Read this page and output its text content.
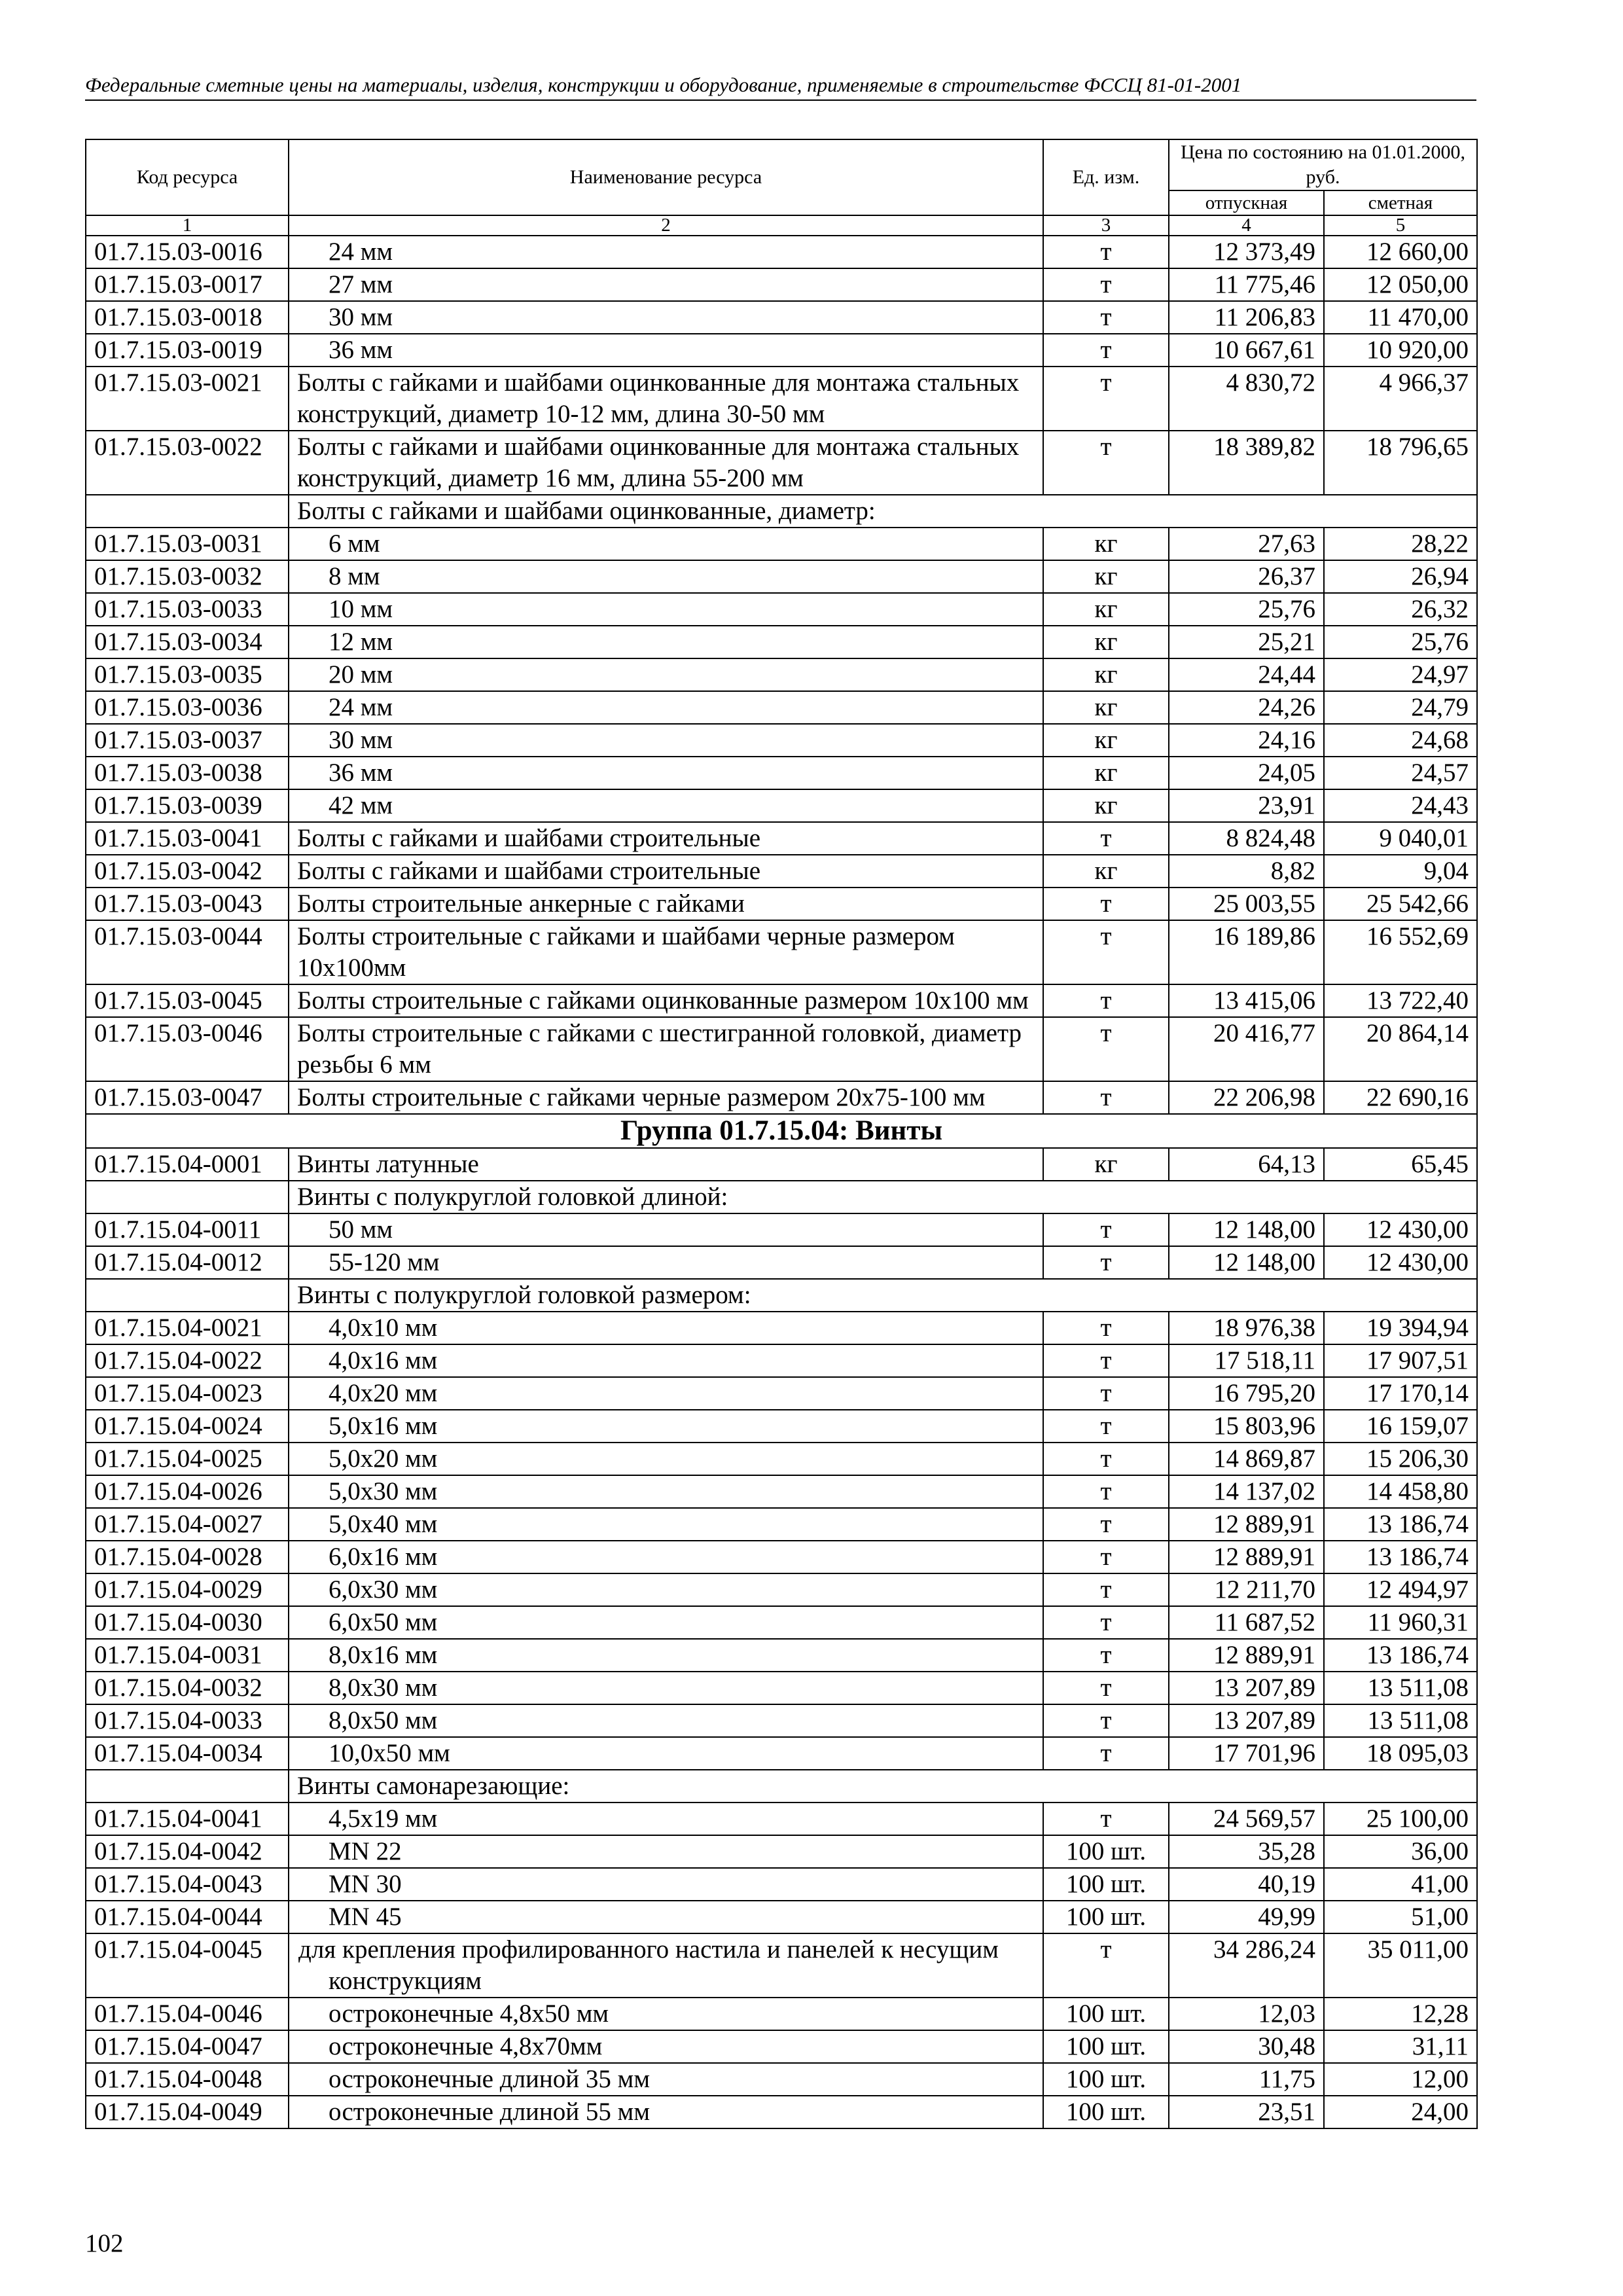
Федеральные сметные цены на материалы, изделия, конструкции и оборудование, применяемые в строительстве ФССЦ 81-01-2001
Код ресурса	Наименование ресурса	Ед. изм.	Цена по состоянию на 01.01.2000, руб.	
			отпускная	сметная
1	2	3	4	5
01.7.15.03-0016	24 мм	т	12 373,49	12 660,00
01.7.15.03-0017	27 мм	т	11 775,46	12 050,00
01.7.15.03-0018	30 мм	т	11 206,83	11 470,00
01.7.15.03-0019	36 мм	т	10 667,61	10 920,00
01.7.15.03-0021	Болты с гайками и шайбами оцинкованные для монтажа стальных конструкций, диаметр 10-12 мм, длина 30-50 мм	т	4 830,72	4 966,37
01.7.15.03-0022	Болты с гайками и шайбами оцинкованные для монтажа стальных конструкций, диаметр 16 мм, длина 55-200 мм	т	18 389,82	18 796,65
	Болты с гайками и шайбами оцинкованные, диаметр:			
01.7.15.03-0031	6 мм	кг	27,63	28,22
01.7.15.03-0032	8 мм	кг	26,37	26,94
01.7.15.03-0033	10 мм	кг	25,76	26,32
01.7.15.03-0034	12 мм	кг	25,21	25,76
01.7.15.03-0035	20 мм	кг	24,44	24,97
01.7.15.03-0036	24 мм	кг	24,26	24,79
01.7.15.03-0037	30 мм	кг	24,16	24,68
01.7.15.03-0038	36 мм	кг	24,05	24,57
01.7.15.03-0039	42 мм	кг	23,91	24,43
01.7.15.03-0041	Болты с гайками и шайбами строительные	т	8 824,48	9 040,01
01.7.15.03-0042	Болты с гайками и шайбами строительные	кг	8,82	9,04
01.7.15.03-0043	Болты строительные анкерные с гайками	т	25 003,55	25 542,66
01.7.15.03-0044	Болты строительные с гайками и шайбами черные размером 10х100мм	т	16 189,86	16 552,69
01.7.15.03-0045	Болты строительные с гайками оцинкованные размером 10х100 мм	т	13 415,06	13 722,40
01.7.15.03-0046	Болты строительные с гайками с шестигранной головкой, диаметр резьбы 6 мм	т	20 416,77	20 864,14
01.7.15.03-0047	Болты строительные с гайками черные размером 20х75-100 мм	т	22 206,98	22 690,16
Группа 01.7.15.04: Винты				
01.7.15.04-0001	Винты латунные	кг	64,13	65,45
	Винты с полукруглой головкой длиной:			
01.7.15.04-0011	50 мм	т	12 148,00	12 430,00
01.7.15.04-0012	55-120 мм	т	12 148,00	12 430,00
	Винты с полукруглой головкой размером:			
01.7.15.04-0021	4,0х10 мм	т	18 976,38	19 394,94
01.7.15.04-0022	4,0х16 мм	т	17 518,11	17 907,51
01.7.15.04-0023	4,0х20 мм	т	16 795,20	17 170,14
01.7.15.04-0024	5,0х16 мм	т	15 803,96	16 159,07
01.7.15.04-0025	5,0х20 мм	т	14 869,87	15 206,30
01.7.15.04-0026	5,0х30 мм	т	14 137,02	14 458,80
01.7.15.04-0027	5,0х40 мм	т	12 889,91	13 186,74
01.7.15.04-0028	6,0х16 мм	т	12 889,91	13 186,74
01.7.15.04-0029	6,0х30 мм	т	12 211,70	12 494,97
01.7.15.04-0030	6,0х50 мм	т	11 687,52	11 960,31
01.7.15.04-0031	8,0х16 мм	т	12 889,91	13 186,74
01.7.15.04-0032	8,0х30 мм	т	13 207,89	13 511,08
01.7.15.04-0033	8,0х50 мм	т	13 207,89	13 511,08
01.7.15.04-0034	10,0х50 мм	т	17 701,96	18 095,03
	Винты самонарезающие:			
01.7.15.04-0041	4,5х19 мм	т	24 569,57	25 100,00
01.7.15.04-0042	MN 22	100 шт.	35,28	36,00
01.7.15.04-0043	MN 30	100 шт.	40,19	41,00
01.7.15.04-0044	MN 45	100 шт.	49,99	51,00
01.7.15.04-0045	для крепления профилированного настила и панелей к несущим конструкциям	т	34 286,24	35 011,00
01.7.15.04-0046	остроконечные 4,8х50 мм	100 шт.	12,03	12,28
01.7.15.04-0047	остроконечные 4,8х70мм	100 шт.	30,48	31,11
01.7.15.04-0048	остроконечные длиной 35 мм	100 шт.	11,75	12,00
01.7.15.04-0049	остроконечные длиной 55 мм	100 шт.	23,51	24,00
102
